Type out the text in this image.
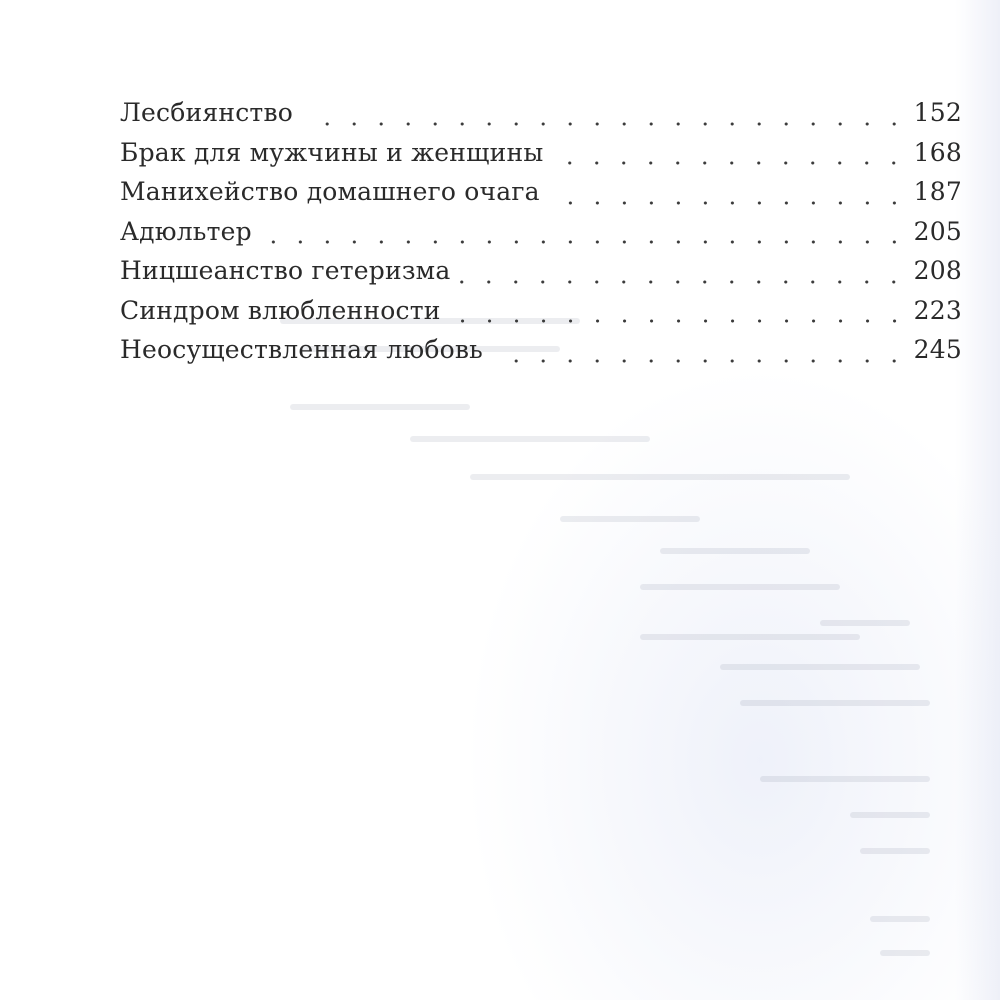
Лесбиянство	152
Брак для мужчины и женщины	168
Манихейство домашнего очага	187
Адюльтер	205
Ницшеанство гетеризма	208
Синдром влюбленности	223
Неосуществленная любовь	245
